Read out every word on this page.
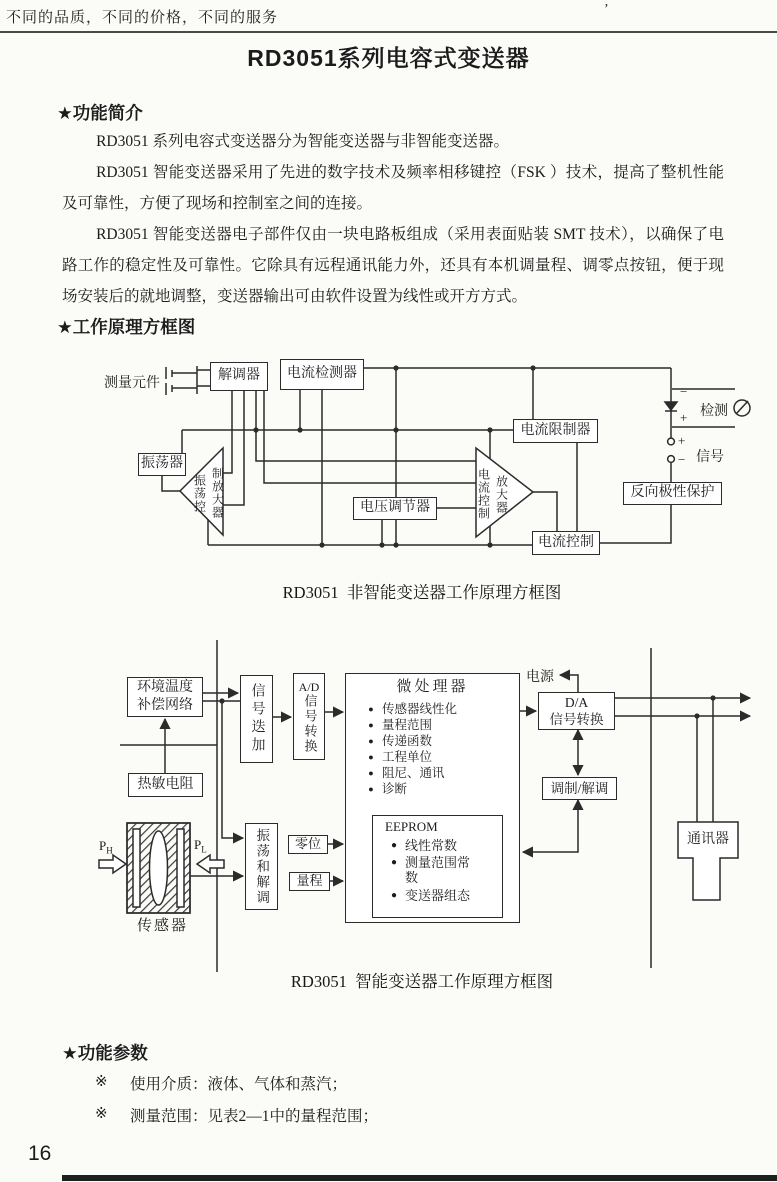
不同的品质，不同的价格，不同的服务
’
RD3051系列电容式变送器
★功能简介

RD3051 系列电容式变送器分为智能变送器与非智能变送器。

RD3051 智能变送器采用了先进的数字技术及频率相移键控（FSK ）技术，提高了整机性能及可靠性，方便了现场和控制室之间的连接。

RD3051 智能变送器电子部件仅由一块电路板组成（采用表面贴装 SMT 技术），以确保了电路工作的稳定性及可靠性。它除具有远程通讯能力外，还具有本机调量程、调零点按钮，便于现场安装后的就地调整，变送器输出可由软件设置为线性或开方方式。

★工作原理方框图
测量元件
解调器	电流检测器
电流限制器
振荡器
电压调节器
电流控制
反向极性保护
振荡控 制放大器	电流控制 放大器
−
+ 检测
+
− 信号
RD3051  非智能变送器工作原理方框图
环境温度补偿网络
热敏电阻
信号迭加	A/D
信号转换
微处理器
● 传感器线性化
● 量程范围
● 传递函数
● 工程单位
● 阻尼、通讯
● 诊断
EEPROM
● 线性常数
● 测量范围常数
● 变送器组态
电源
D/A
信号转换
调制/解调
通讯器
零位
量程
振荡和解调
$P_H$	$P_L$
传感器
RD3051  智能变送器工作原理方框图
★功能参数
※ 使用介质：液体、气体和蒸汽；
※ 测量范围：见表2—1中的量程范围；
16
